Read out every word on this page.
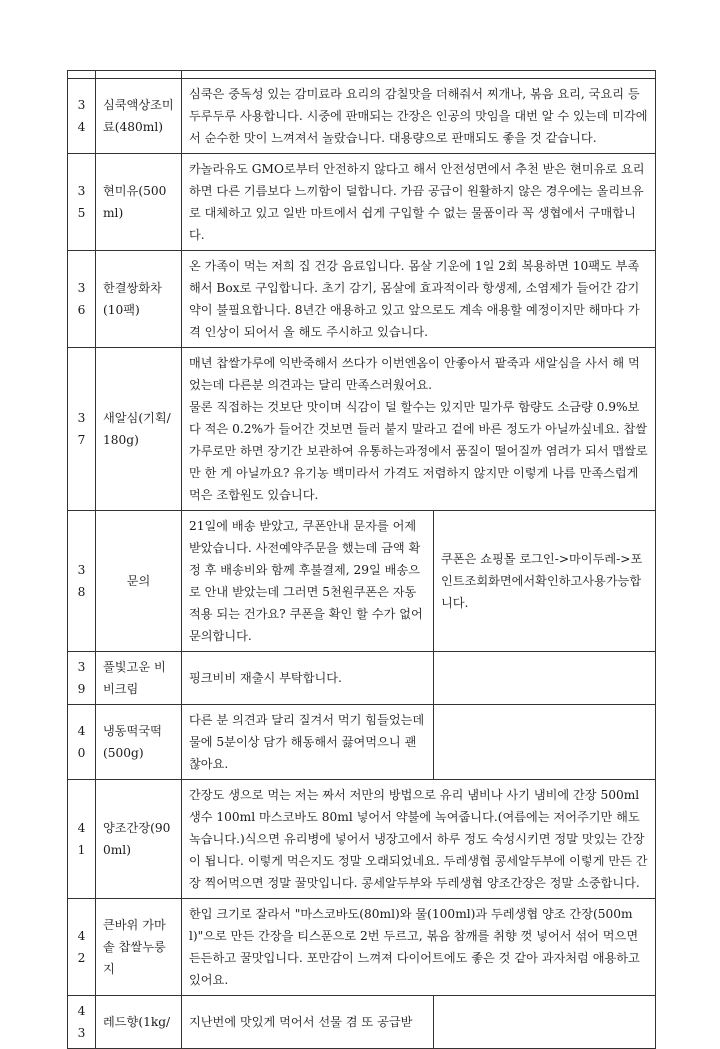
34	심쿡액상조미료(480ml)	심쿡은 중독성 있는 감미료라 요리의 감칠맛을 더해줘서 찌개나, 볶음 요리, 국요리 등 두루두루 사용합니다. 시중에 판매되는 간장은 인공의 맛임을 대번 알 수 있는데 미각에서 순수한 맛이 느껴져서 놀랐습니다. 대용량으로 판매되도 좋을 것 같습니다.	

35	현미유(500ml)	카놀라유도 GMO로부터 안전하지 않다고 해서 안전성면에서 추천 받은 현미유로 요리하면 다른 기름보다 느끼함이 덜합니다. 가끔 공급이 원활하지 않은 경우에는 올리브유로 대체하고 있고 일반 마트에서 쉽게 구입할 수 없는 물품이라 꼭 생협에서 구매합니다.	

36	한결쌍화차(10팩)	온 가족이 먹는 저희 집 건강 음료입니다. 몸살 기운에 1일 2회 복용하면 10팩도 부족해서 Box로 구입합니다. 초기 감기, 몸살에 효과적이라 항생제, 소염제가 들어간 감기약이 불필요합니다. 8년간 애용하고 있고 앞으로도 계속 애용할 예정이지만 해마다 가격 인상이 되어서 올 해도 주시하고 있습니다.	

37	새알심(기획/180g)	매년 찹쌀가루에 익반죽해서 쓰다가 이번엔옴이 안좋아서 팥죽과 새알심을 사서 해 먹었는데 다른분 의견과는 달리 만족스러웠어요.

물론 직접하는 것보단 맛이며 식감이 덜 할수는 있지만 밀가루 함량도 소금량 0.9%보다 적은 0.2%가 들어간 것보면 들러 붙지 말라고 겉에 바른 정도가 아닐까싶네요. 찹쌀가루로만 하면 장기간 보관하여 유통하는과정에서 품질이 떨어질까 염려가 되서 맵쌀로만 한 게 아닐까요? 유기농 백미라서 가격도 저렴하지 않지만 이렇게 나름 만족스럽게 먹은 조합원도 있습니다.	

38	문의	21일에 배송 받았고, 쿠폰안내 문자를 어제 받았습니다. 사전예약주문을 했는데 금액 확정 후 배송비와 함께 후불결제, 29일 배송으로 안내 받았는데 그러면 5천원쿠폰은 자동 적용 되는 건가요? 쿠폰을 확인 할 수가 없어 문의합니다.	쿠폰은 쇼핑몰 로그인->마이두레->포인트조회화면에서확인하고사용가능합니다.
39	풀빛고운 비비크림	핑크비비 재출시 부탁합니다.	

40	냉동떡국떡(500g)	다른 분 의견과 달리 질겨서 먹기 힘들었는데 물에 5분이상 담가 해동해서 끓여먹으니 괜찮아요.	

41	양조간장(900ml)	간장도 생으로 먹는 저는 짜서 저만의 방법으로 유리 냄비나 사기 냄비에 간장 500ml 생수 100ml 마스코바도 80ml 넣어서 약불에 녹여줍니다.(여름에는 저어주기만 해도 녹습니다.)식으면 유리병에 넣어서 냉장고에서 하루 정도 숙성시키면 정말 맛있는 간장이 됩니다. 이렇게 먹은지도 정말 오래되었네요. 두레생협 콩세알두부에 이렇게 만든 간장 찍어먹으면 정말 꿀맛입니다. 콩세알두부와 두레생협 양조간장은 정말 소중합니다.	

42	큰바위 가마솥 찹쌀누룽지	한입 크기로 잘라서 "마스코바도(80ml)와 물(100ml)과 두레생협 양조 간장(500ml)"으로 만든 간장을 티스푼으로 2번 두르고, 볶음 참깨를 취향 껏 넣어서 섞어 먹으면 든든하고 꿀맛입니다. 포만감이 느껴져 다이어트에도 좋은 것 같아 과자처럼 애용하고 있어요.	

43	레드향(1kg/	지난번에 맛있게 먹어서 선물 겸 또 공급받	
